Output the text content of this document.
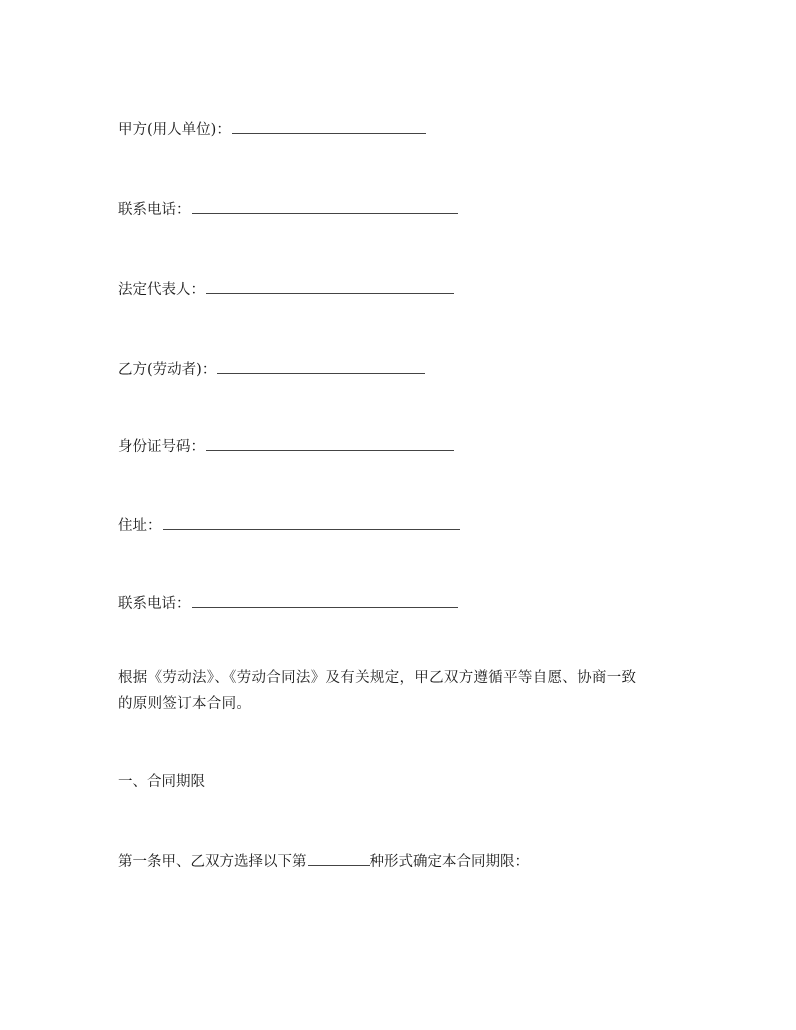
甲方(用人单位)：
联系电话：
法定代表人：
乙方(劳动者)：
身份证号码：
住址：
联系电话：
根据《劳动法》、《劳动合同法》及有关规定，甲乙双方遵循平等自愿、协商一致
的原则签订本合同。
一、合同期限
第一条甲、乙双方选择以下第	种形式确定本合同期限：
